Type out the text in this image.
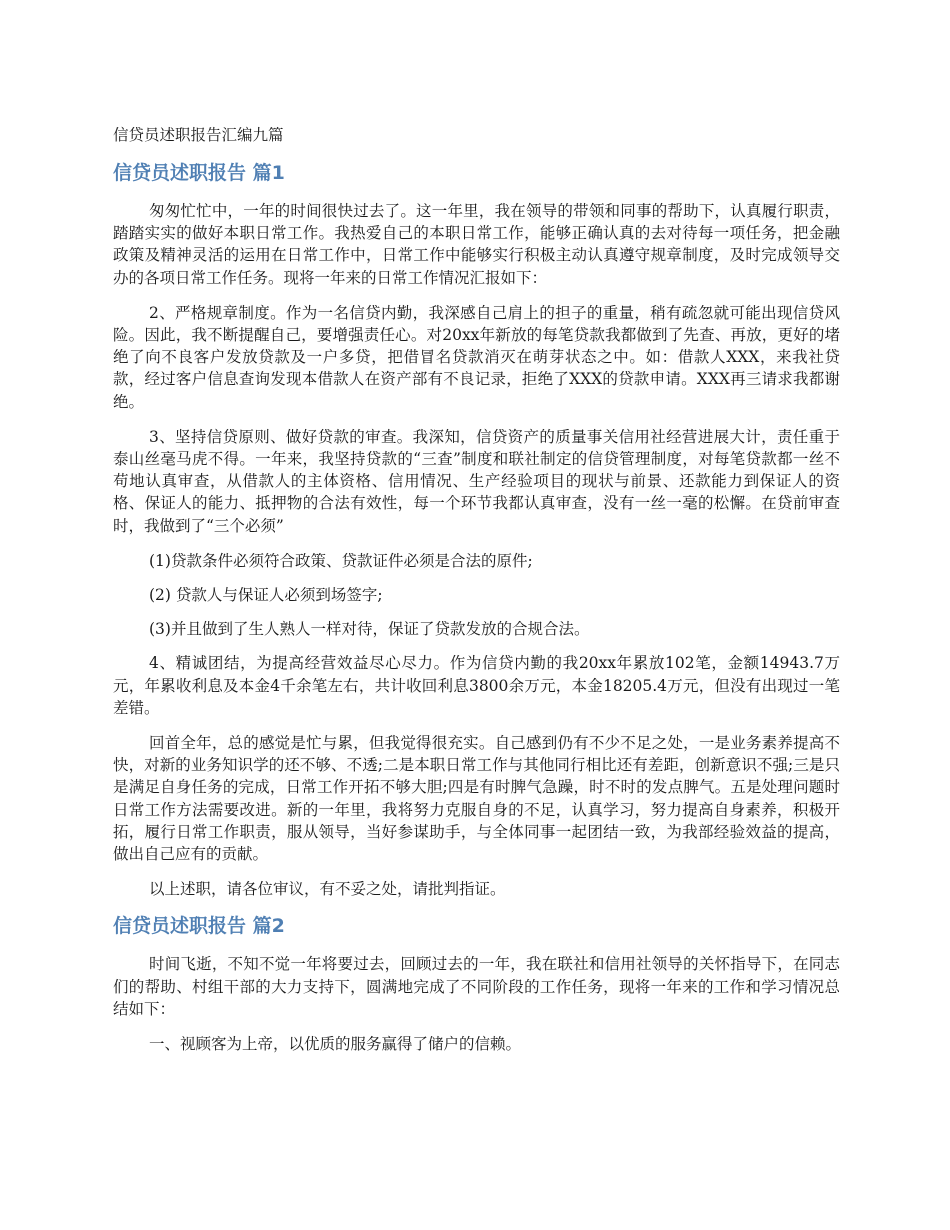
信贷员述职报告汇编九篇
信贷员述职报告 篇1

匆匆忙忙中，一年的时间很快过去了。这一年里，我在领导的带领和同事的帮助下，认真履行职责，踏踏实实的做好本职日常工作。我热爱自己的本职日常工作，能够正确认真的去对待每一项任务，把金融政策及精神灵活的运用在日常工作中，日常工作中能够实行积极主动认真遵守规章制度，及时完成领导交办的各项日常工作任务。现将一年来的日常工作情况汇报如下：

2、严格规章制度。作为一名信贷内勤，我深感自己肩上的担子的重量，稍有疏忽就可能出现信贷风险。因此，我不断提醒自己，要增强责任心。对20xx年新放的每笔贷款我都做到了先查、再放，更好的堵绝了向不良客户发放贷款及一户多贷，把借冒名贷款消灭在萌芽状态之中。如：借款人XXX，来我社贷款，经过客户信息查询发现本借款人在资产部有不良记录，拒绝了XXX的贷款申请。XXX再三请求我都谢绝。

3、坚持信贷原则、做好贷款的审查。我深知，信贷资产的质量事关信用社经营进展大计，责任重于泰山丝毫马虎不得。一年来，我坚持贷款的“三查”制度和联社制定的信贷管理制度，对每笔贷款都一丝不苟地认真审查，从借款人的主体资格、信用情况、生产经验项目的现状与前景、还款能力到保证人的资格、保证人的能力、抵押物的合法有效性，每一个环节我都认真审查，没有一丝一毫的松懈。在贷前审查时，我做到了“三个必须”

(1)贷款条件必须符合政策、贷款证件必须是合法的原件;

(2) 贷款人与保证人必须到场签字;

(3)并且做到了生人熟人一样对待，保证了贷款发放的合规合法。

4、精诚团结，为提高经营效益尽心尽力。作为信贷内勤的我20xx年累放102笔，金额14943.7万元，年累收利息及本金4千余笔左右，共计收回利息3800余万元，本金18205.4万元，但没有出现过一笔差错。

回首全年，总的感觉是忙与累，但我觉得很充实。自己感到仍有不少不足之处，一是业务素养提高不快，对新的业务知识学的还不够、不透;二是本职日常工作与其他同行相比还有差距，创新意识不强;三是只是满足自身任务的完成，日常工作开拓不够大胆;四是有时脾气急躁，时不时的发点脾气。五是处理问题时日常工作方法需要改进。新的一年里，我将努力克服自身的不足，认真学习，努力提高自身素养，积极开拓，履行日常工作职责，服从领导，当好参谋助手，与全体同事一起团结一致，为我部经验效益的提高，做出自己应有的贡献。

以上述职，请各位审议，有不妥之处，请批判指证。

信贷员述职报告 篇2

时间飞逝，不知不觉一年将要过去，回顾过去的一年，我在联社和信用社领导的关怀指导下，在同志们的帮助、村组干部的大力支持下，圆满地完成了不同阶段的工作任务，现将一年来的工作和学习情况总结如下：

一、视顾客为上帝，以优质的服务赢得了储户的信赖。
